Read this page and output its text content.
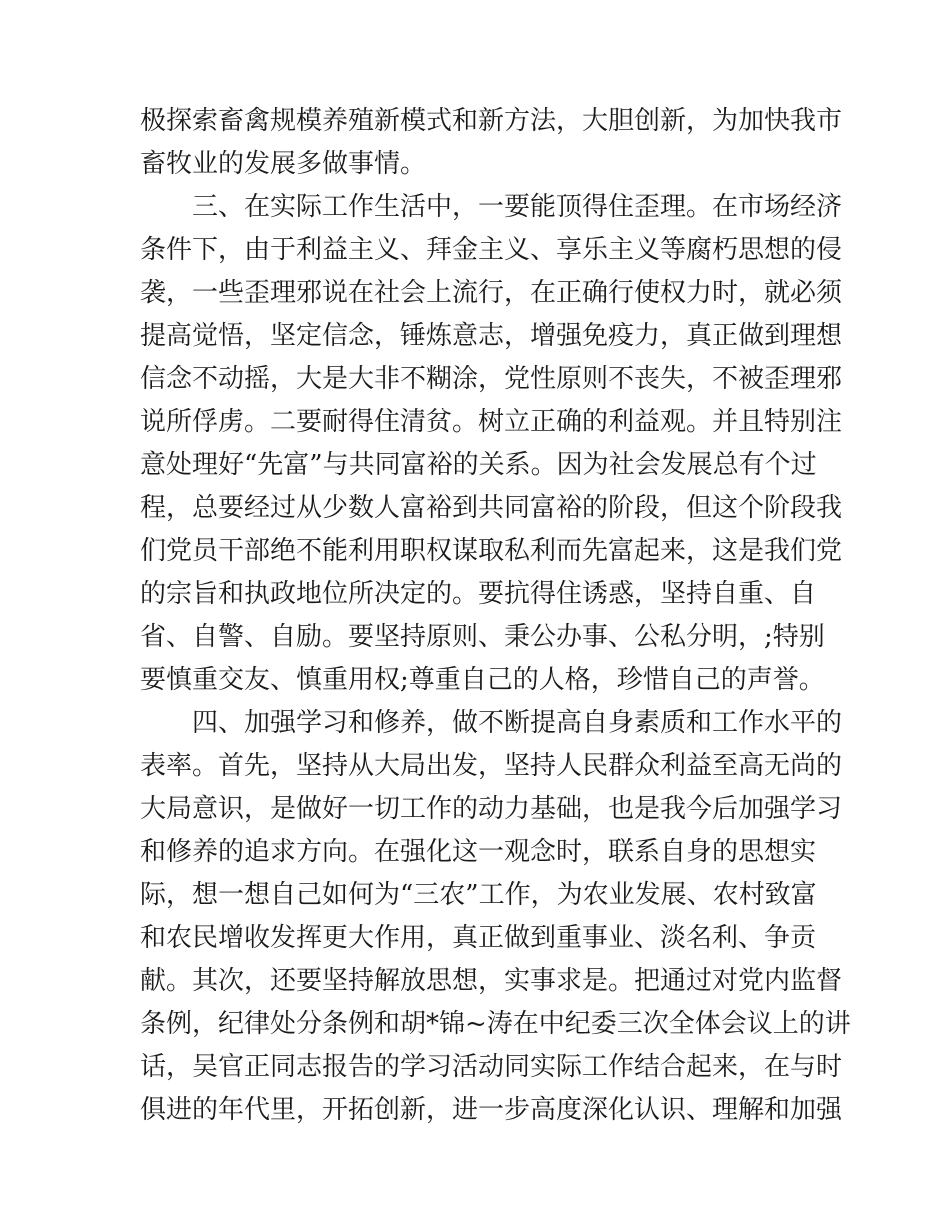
极探索畜禽规模养殖新模式和新方法，大胆创新，为加快我市
畜牧业的发展多做事情。
　　三、在实际工作生活中，一要能顶得住歪理。在市场经济
条件下，由于利益主义、拜金主义、享乐主义等腐朽思想的侵
袭，一些歪理邪说在社会上流行，在正确行使权力时，就必须
提高觉悟，坚定信念，锤炼意志，增强免疫力，真正做到理想
信念不动摇，大是大非不糊涂，党性原则不丧失，不被歪理邪
说所俘虏。二要耐得住清贫。树立正确的利益观。并且特别注
意处理好“先富”与共同富裕的关系。因为社会发展总有个过
程，总要经过从少数人富裕到共同富裕的阶段，但这个阶段我
们党员干部绝不能利用职权谋取私利而先富起来，这是我们党
的宗旨和执政地位所决定的。要抗得住诱惑，坚持自重、自
省、自警、自励。要坚持原则、秉公办事、公私分明，;特别
要慎重交友、慎重用权;尊重自己的人格，珍惜自己的声誉。
　　四、加强学习和修养，做不断提高自身素质和工作水平的
表率。首先，坚持从大局出发，坚持人民群众利益至高无尚的
大局意识，是做好一切工作的动力基础，也是我今后加强学习
和修养的追求方向。在强化这一观念时，联系自身的思想实
际，想一想自己如何为“三农”工作，为农业发展、农村致富
和农民增收发挥更大作用，真正做到重事业、淡名利、争贡
献。其次，还要坚持解放思想，实事求是。把通过对党内监督
条例，纪律处分条例和胡*锦~涛在中纪委三次全体会议上的讲
话，吴官正同志报告的学习活动同实际工作结合起来，在与时
俱进的年代里，开拓创新，进一步高度深化认识、理解和加强
